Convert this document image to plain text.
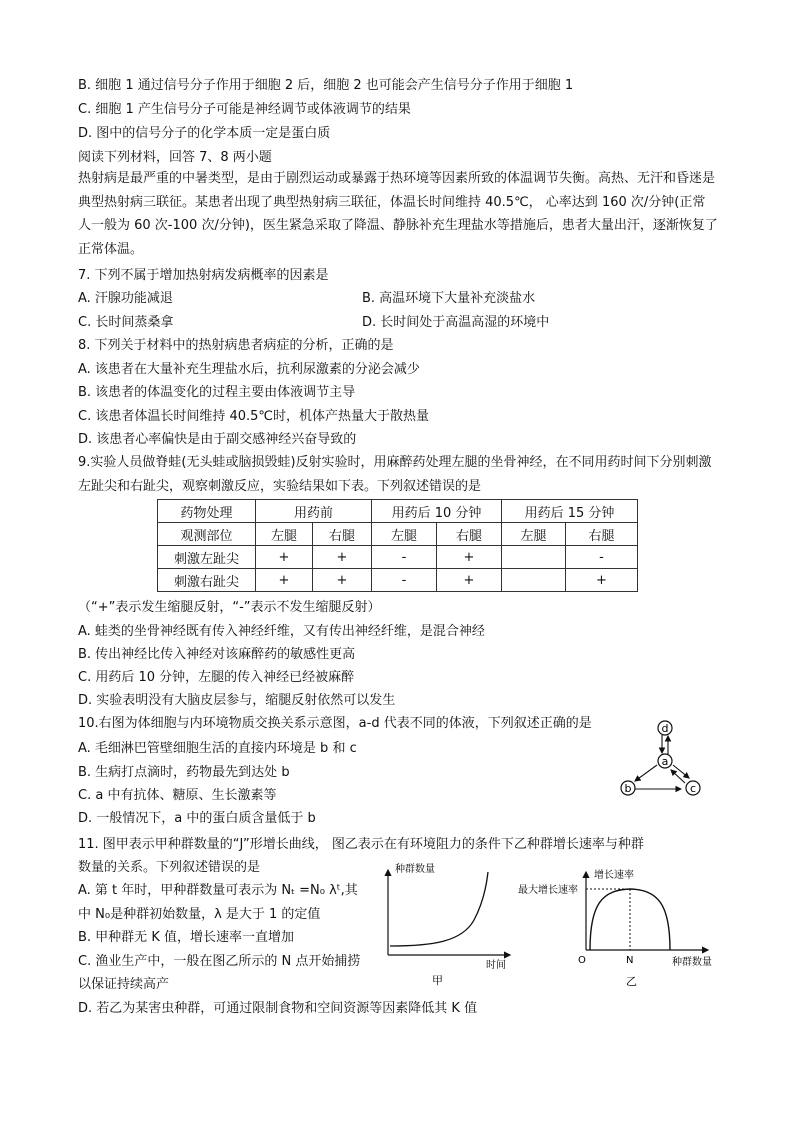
B. 细胞 1 通过信号分子作用于细胞 2 后，细胞 2 也可能会产生信号分子作用于细胞 1
C. 细胞 1 产生信号分子可能是神经调节或体液调节的结果
D. 图中的信号分子的化学本质一定是蛋白质
阅读下列材料，回答 7、8 两小题
热射病是最严重的中暑类型，是由于剧烈运动或暴露于热环境等因素所致的体温调节失衡。高热、无汗和昏迷是典型热射病三联征。某患者出现了典型热射病三联征，体温长时间维持 40.5℃， 心率达到 160 次/分钟(正常人一般为 60 次-100 次/分钟)，医生紧急采取了降温、静脉补充生理盐水等措施后，患者大量出汗，逐渐恢复了正常体温。
7. 下列不属于增加热射病发病概率的因素是
A. 汗腺功能减退	B. 高温环境下大量补充淡盐水
C. 长时间蒸桑拿	D. 长时间处于高温高湿的环境中
8. 下列关于材料中的热射病患者病症的分析，正确的是
A. 该患者在大量补充生理盐水后，抗利尿激素的分泌会减少
B. 该患者的体温变化的过程主要由体液调节主导
C. 该患者体温长时间维持 40.5℃时，机体产热量大于散热量
D. 该患者心率偏快是由于副交感神经兴奋导致的
9.实验人员做脊蛙(无头蛙或脑损毁蛙)反射实验时，用麻醉药处理左腿的坐骨神经，在不同用药时间下分别刺激左趾尖和右趾尖，观察刺激反应，实验结果如下表。下列叙述错误的是
药物处理	用药前		用药后 10 分钟		用药后 15 分钟	
观测部位	左腿	右腿	左腿	右腿	左腿	右腿
刺激左趾尖	+	+	-	+		-
刺激右趾尖	+	+	-	+		+
（“+”表示发生缩腿反射，“-”表示不发生缩腿反射）
A. 蛙类的坐骨神经既有传入神经纤维，又有传出神经纤维，是混合神经
B. 传出神经比传入神经对该麻醉药的敏感性更高
C. 用药后 10 分钟，左腿的传入神经已经被麻醉
D. 实验表明没有大脑皮层参与，缩腿反射依然可以发生
10.右图为体细胞与内环境物质交换关系示意图，a-d 代表不同的体液，下列叙述正确的是
A. 毛细淋巴管壁细胞生活的直接内环境是 b 和 c
B. 生病打点滴时，药物最先到达处 b
C. a 中有抗体、糖原、生长激素等
D. 一般情况下，a 中的蛋白质含量低于 b
d
a
b	c
11. 图甲表示甲种群数量的“J”形增长曲线， 图乙表示在有环境阻力的条件下乙种群增长速率与种群
数量的关系。下列叙述错误的是
A. 第 t 年时，甲种群数量可表示为 Nₜ =N₀ λᵗ,其
中 N₀是种群初始数量，λ 是大于 1 的定值
B. 甲种群无 K 值，增长速率一直增加
C. 渔业生产中，一般在图乙所示的 N 点开始捕捞
以保证持续高产
D. 若乙为某害虫种群，可通过限制食物和空间资源等因素降低其 K 值
种群数量
时间
甲
增长速率
最大增长速率
O	N	种群数量
乙
